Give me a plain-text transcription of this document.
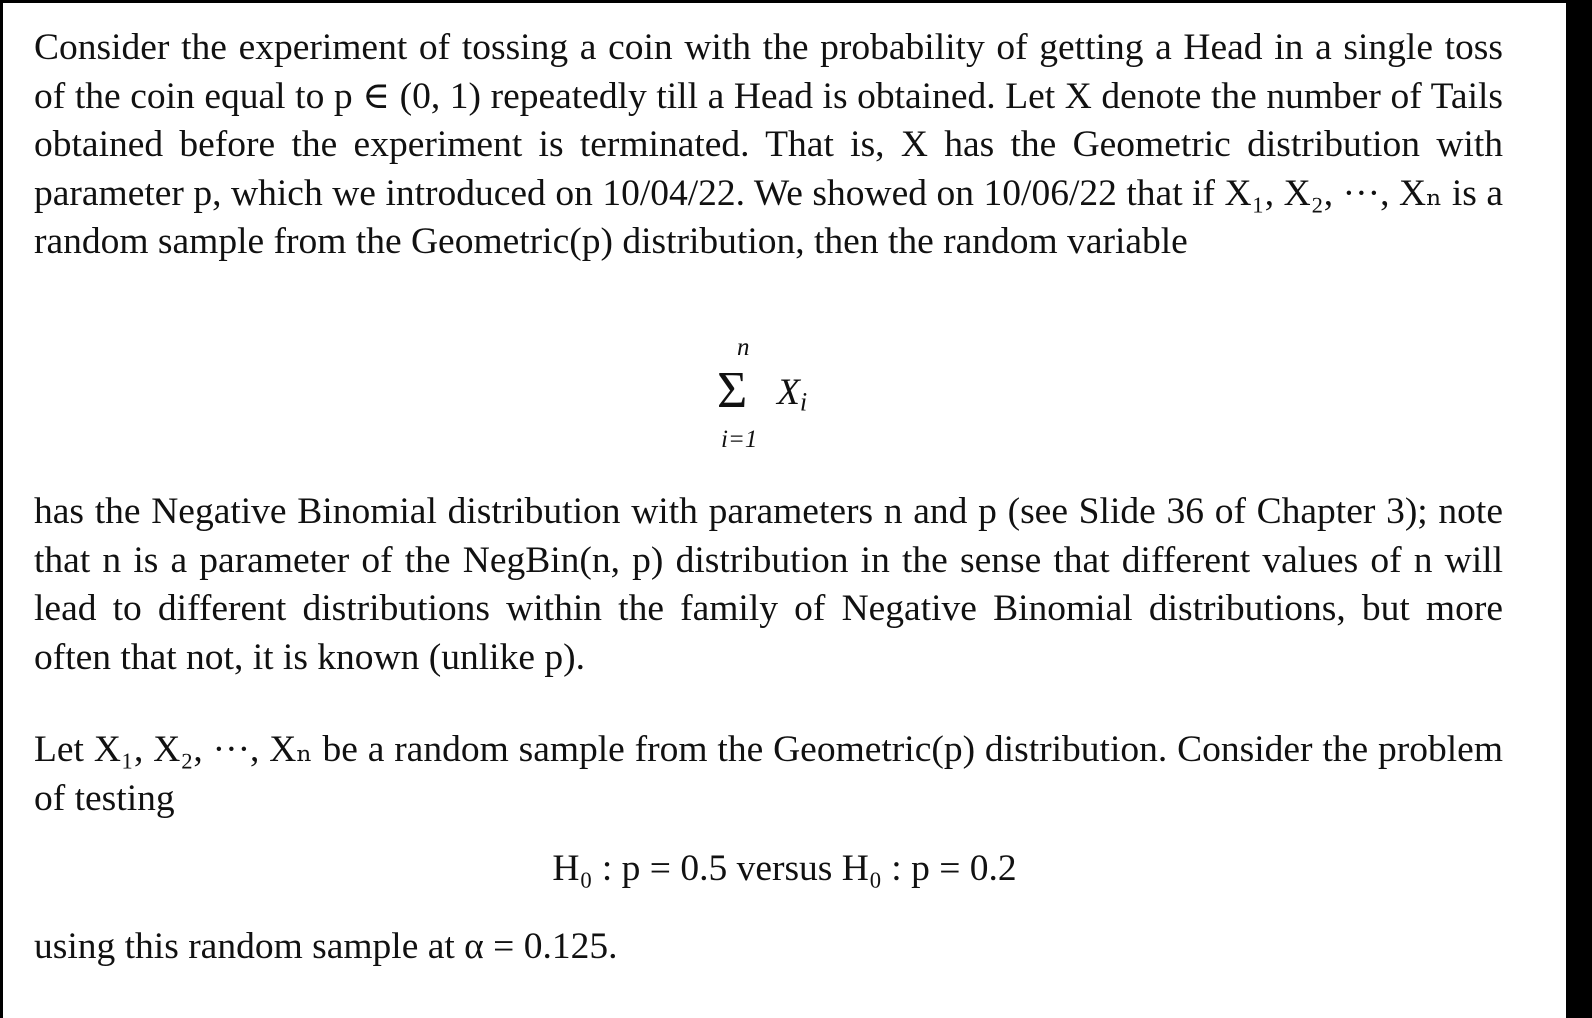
Consider the experiment of tossing a coin with the probability of getting a Head in a single toss of the coin equal to p ∈ (0, 1) repeatedly till a Head is obtained. Let X denote the number of Tails obtained before the experiment is terminated. That is, X has the Geometric distribution with parameter p, which we introduced on 10/04/22. We showed on 10/06/22 that if X₁, X₂, ···, Xₙ is a random sample from the Geometric(p) distribution, then the random variable

n
Σ $X_i$
i=1

has the Negative Binomial distribution with parameters n and p (see Slide 36 of Chapter 3); note that n is a parameter of the NegBin(n, p) distribution in the sense that different values of n will lead to different distributions within the family of Negative Binomial distributions, but more often that not, it is known (unlike p).

Let X₁, X₂, ···, Xₙ be a random sample from the Geometric(p) distribution. Consider the problem of testing

H₀ : p = 0.5 versus H₀ : p = 0.2

using this random sample at α = 0.125.
